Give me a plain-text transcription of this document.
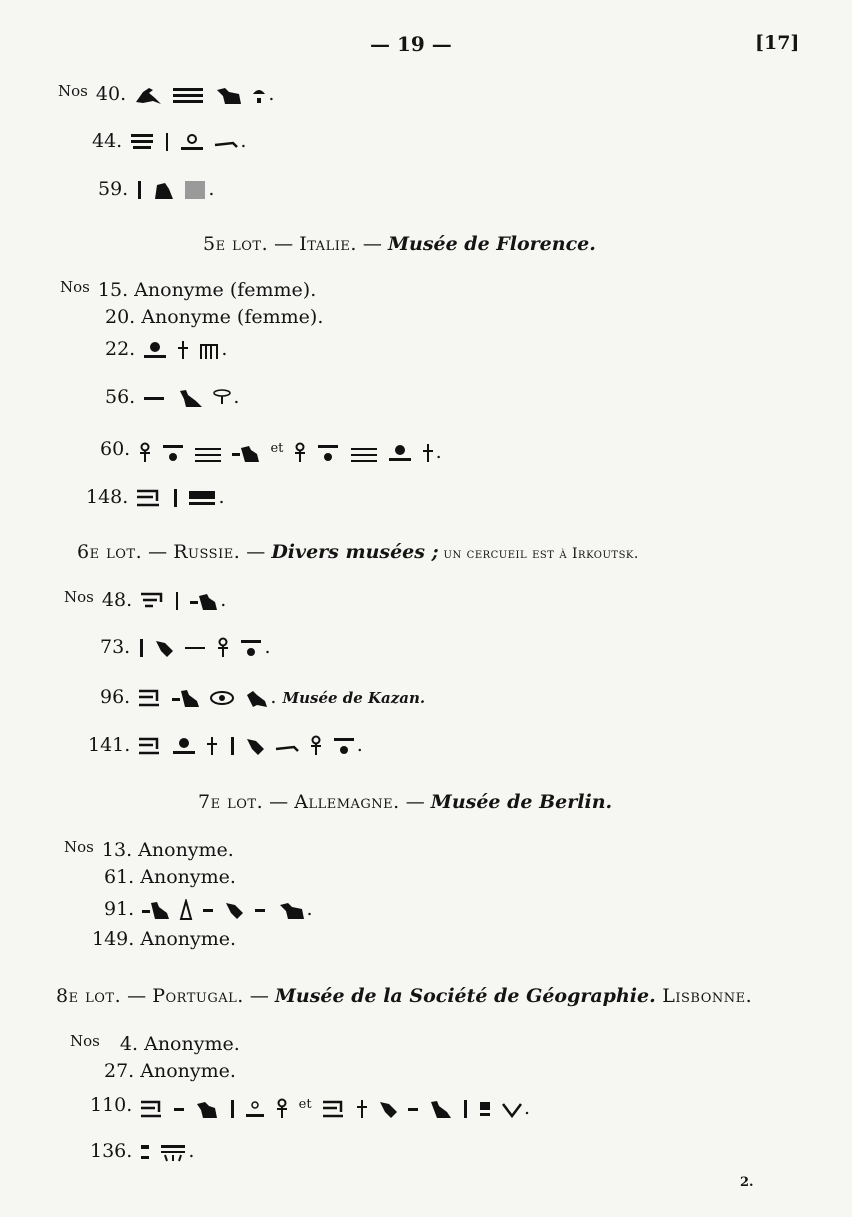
— 19 —	[17]
$^{Nos}$ 40.	.
44.	.
59.	.
5e lot. — Italie. — Musée de Florence.
$^{Nos}$ 15. Anonyme (femme).
20. Anonyme (femme).
22.	.
56.	.
60.	$^{et}$	.
148.	.
6e lot. — Russie. — Divers musées ; un cercueil est à Irkoutsk.
$^{Nos}$ 48.	.
73.	.
96.	. Musée de Kazan.
141.	.
7e lot. — Allemagne. — Musée de Berlin.
$^{Nos}$ 13. Anonyme.
61. Anonyme.
91.	.
149. Anonyme.
8e lot. — Portugal. — Musée de la Société de Géographie. Lisbonne.
$^{Nos}$ 4. Anonyme.
27. Anonyme.
110.	$^{et}$	.
136.	.
2.
